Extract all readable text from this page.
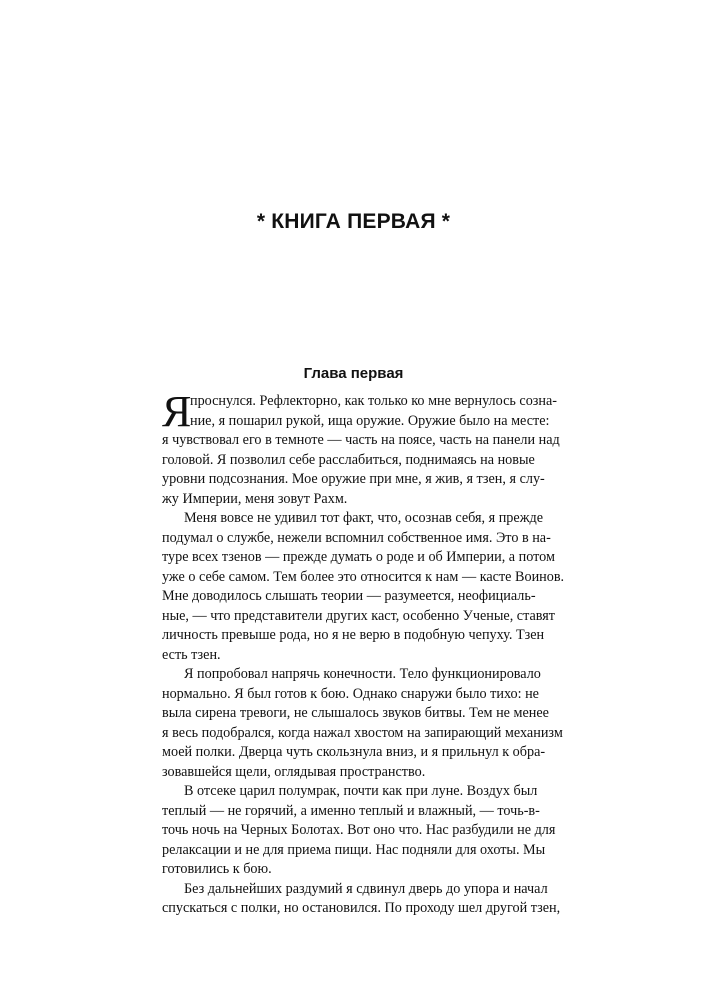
* КНИГА ПЕРВАЯ *
Глава первая
Я
проснулся. Рефлекторно, как только ко мне вернулось созна-
ние, я пошарил рукой, ища оружие. Оружие было на месте:
я чувствовал его в темноте — часть на поясе, часть на панели над
головой. Я позволил себе расслабиться, поднимаясь на новые
уровни подсознания. Мое оружие при мне, я жив, я тзен, я слу-
жу Империи, меня зовут Рахм.
Меня вовсе не удивил тот факт, что, осознав себя, я прежде
подумал о службе, нежели вспомнил собственное имя. Это в на-
туре всех тзенов — прежде думать о роде и об Империи, а потом
уже о себе самом. Тем более это относится к нам — касте Воинов.
Мне доводилось слышать теории — разумеется, неофициаль-
ные, — что представители других каст, особенно Ученые, ставят
личность превыше рода, но я не верю в подобную чепуху. Тзен
есть тзен.
Я попробовал напрячь конечности. Тело функционировало
нормально. Я был готов к бою. Однако снаружи было тихо: не
выла сирена тревоги, не слышалось звуков битвы. Тем не менее
я весь подобрался, когда нажал хвостом на запирающий механизм
моей полки. Дверца чуть скользнула вниз, и я прильнул к обра-
зовавшейся щели, оглядывая пространство.
В отсеке царил полумрак, почти как при луне. Воздух был
теплый — не горячий, а именно теплый и влажный, — точь-в-
точь ночь на Черных Болотах. Вот оно что. Нас разбудили не для
релаксации и не для приема пищи. Нас подняли для охоты. Мы
готовились к бою.
Без дальнейших раздумий я сдвинул дверь до упора и начал
спускаться с полки, но остановился. По проходу шел другой тзен,
